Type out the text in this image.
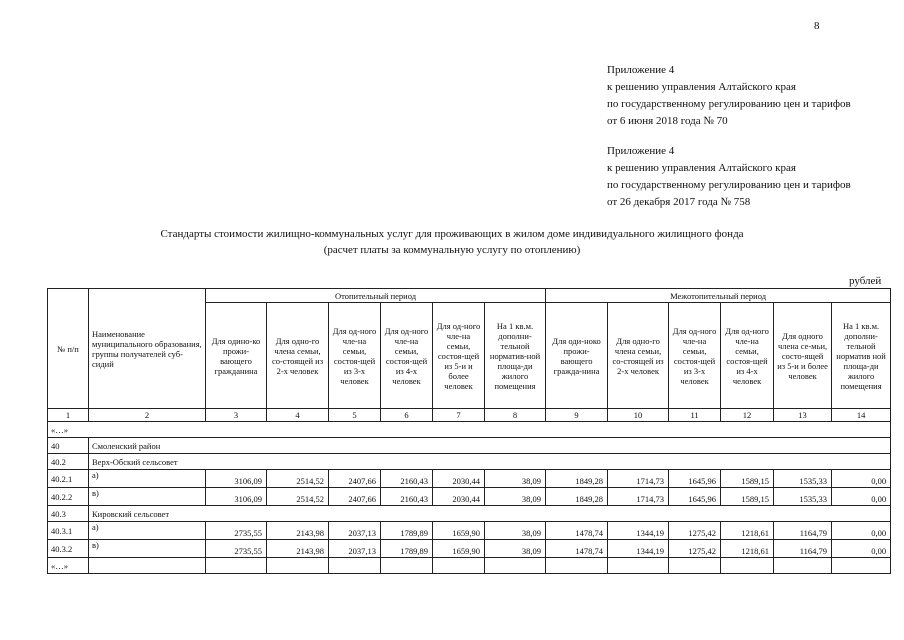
8
Приложение 4
к решению управления Алтайского края
по государственному регулированию цен и тарифов
от 6 июня 2018 года № 70
Приложение 4
к решению управления Алтайского края
по государственному регулированию цен и тарифов
от 26 декабря 2017 года № 758
Стандарты стоимости жилищно-коммунальных услуг для проживающих в жилом доме индивидуального жилищного фонда
(расчет платы за коммунальную услугу по отоплению)
рублей
№ п/п	Наименование муниципального образования, группы получателей суб-сидий	Отопительный период						Межотопительный период					
		Для одино-ко прожи-вающего гражданина	Для одно-го члена семьи, со-стоящей из 2-х человек	Для од-ного чле-на семьи, состоя-щей из 3-х человек	Для од-ного чле-на семьи, состоя-щей из 4-х человек	Для од-ного чле-на семьи, состоя-щей из 5-и и более человек	На 1 кв.м. дополни-тельной норматив-ной площа-ди жилого помещения	Для оди-ноко прожи-вающего гражда-нина	Для одно-го члена семьи, со-стоящей из 2-х человек	Для од-ного чле-на семьи, состоя-щей из 3-х человек	Для од-ного чле-на семьи, состоя-щей из 4-х человек	Для одного члена се-мьи, состо-ящей из 5-и и более человек	На 1 кв.м. дополни-тельной норматив ной площа-ди жилого помещения
1	2	3	4	5	6	7	8	9	10	11	12	13	14
«…»													
40	Смоленский район												
40.2	Верх-Обский сельсовет												
40.2.1	а)	3106,09	2514,52	2407,66	2160,43	2030,44	38,09	1849,28	1714,73	1645,96	1589,15	1535,33	0,00
40.2.2	в)	3106,09	2514,52	2407,66	2160,43	2030,44	38,09	1849,28	1714,73	1645,96	1589,15	1535,33	0,00
40.3	Кировский сельсовет												
40.3.1	а)	2735,55	2143,98	2037,13	1789,89	1659,90	38,09	1478,74	1344,19	1275,42	1218,61	1164,79	0,00
40.3.2	в)	2735,55	2143,98	2037,13	1789,89	1659,90	38,09	1478,74	1344,19	1275,42	1218,61	1164,79	0,00
«…»													
